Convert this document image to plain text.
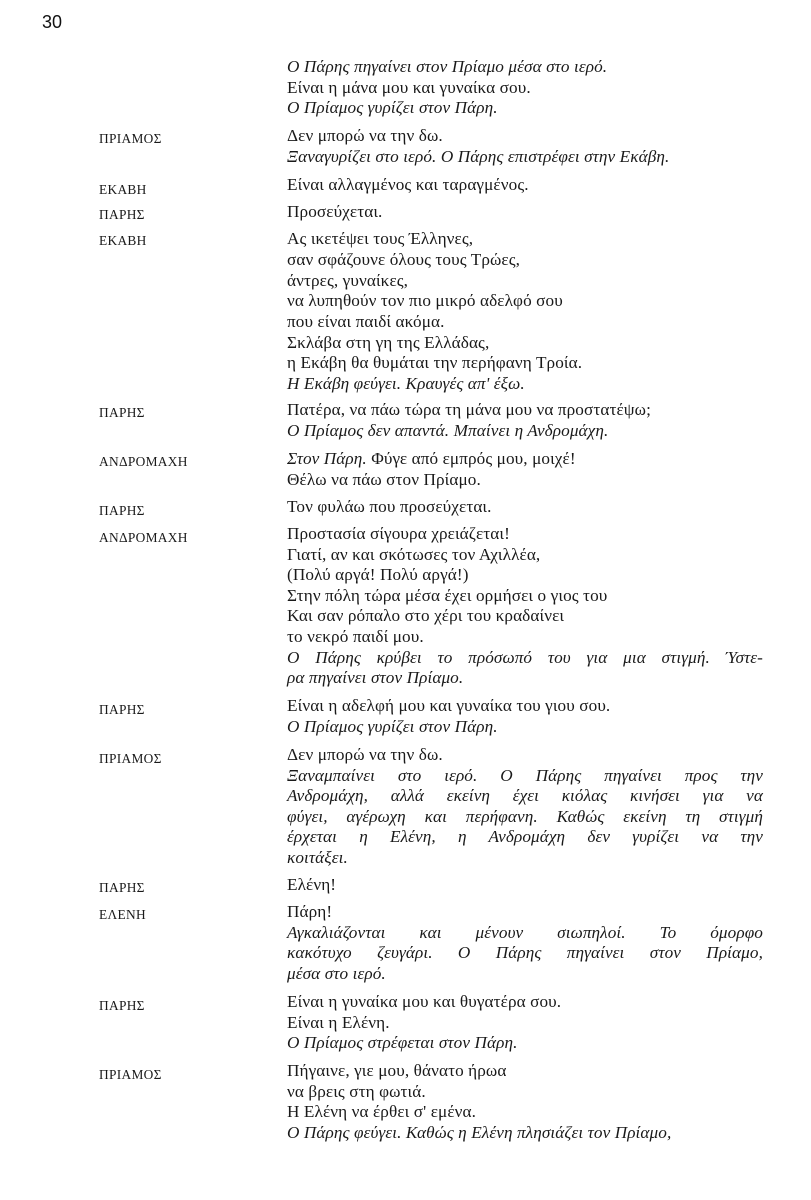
30
ΠΡΙΑΜΟΣ
ΕΚΑΒΗ
ΠΑΡΗΣ
ΕΚΑΒΗ
ΠΑΡΗΣ
ΑΝΔΡΟΜΑΧΗ
ΠΑΡΗΣ
ΑΝΔΡΟΜΑΧΗ
ΠΑΡΗΣ
ΠΡΙΑΜΟΣ
ΠΑΡΗΣ
ΕΛΕΝΗ
ΠΑΡΗΣ
ΠΡΙΑΜΟΣ
Ο Πάρης πηγαίνει στον Πρίαμο μέσα στο ιερό.
Είναι η μάνα μου και γυναίκα σου.
Ο Πρίαμος γυρίζει στον Πάρη.
Δεν μπορώ να την δω.
Ξαναγυρίζει στο ιερό. Ο Πάρης επιστρέφει στην Εκάβη.
Είναι αλλαγμένος και ταραγμένος.
Προσεύχεται.
Ας ικετέψει τους Έλληνες,
σαν σφάζουνε όλους τους Τρώες,
άντρες, γυναίκες,
να λυπηθούν τον πιο μικρό αδελφό σου
που είναι παιδί ακόμα.
Σκλάβα στη γη της Ελλάδας,
η Εκάβη θα θυμάται την περήφανη Τροία.
Η Εκάβη φεύγει. Κραυγές απ' έξω.
Πατέρα, να πάω τώρα τη μάνα μου να προστατέψω;
Ο Πρίαμος δεν απαντά. Μπαίνει η Ανδρομάχη.
Στον Πάρη. Φύγε από εμπρός μου, μοιχέ!
Θέλω να πάω στον Πρίαμο.
Τον φυλάω που προσεύχεται.
Προστασία σίγουρα χρειάζεται!
Γιατί, αν και σκότωσες τον Αχιλλέα,
(Πολύ αργά! Πολύ αργά!)
Στην πόλη τώρα μέσα έχει ορμήσει ο γιος του
Και σαν ρόπαλο στο χέρι του κραδαίνει
το νεκρό παιδί μου.
Ο Πάρης κρύβει το πρόσωπό του για μια στιγμή. Ύστε-
ρα πηγαίνει στον Πρίαμο.
Είναι η αδελφή μου και γυναίκα του γιου σου.
Ο Πρίαμος γυρίζει στον Πάρη.
Δεν μπορώ να την δω.
Ξαναμπαίνει στο ιερό. Ο Πάρης πηγαίνει προς την
Ανδρομάχη, αλλά εκείνη έχει κιόλας κινήσει για να
φύγει, αγέρωχη και περήφανη. Καθώς εκείνη τη στιγμή
έρχεται η Ελένη, η Ανδρομάχη δεν γυρίζει να την
κοιτάξει.
Ελένη!
Πάρη!
Αγκαλιάζονται και μένουν σιωπηλοί. Το όμορφο
κακότυχο ζευγάρι. Ο Πάρης πηγαίνει στον Πρίαμο,
μέσα στο ιερό.
Είναι η γυναίκα μου και θυγατέρα σου.
Είναι η Ελένη.
Ο Πρίαμος στρέφεται στον Πάρη.
Πήγαινε, γιε μου, θάνατο ήρωα
να βρεις στη φωτιά.
Η Ελένη να έρθει σ' εμένα.
Ο Πάρης φεύγει. Καθώς η Ελένη πλησιάζει τον Πρίαμο,
